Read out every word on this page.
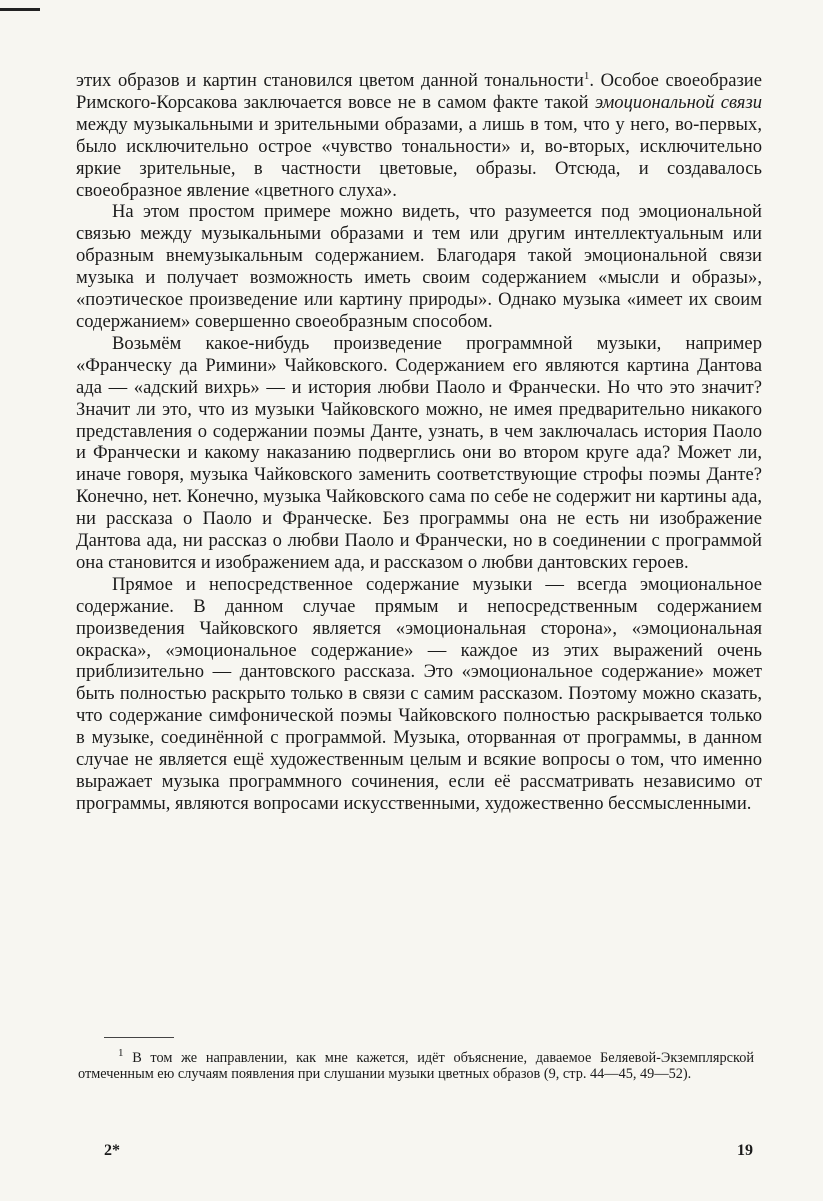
этих образов и картин становился цветом данной тональности$^1$. Особое своеобразие Римского-Корсакова заключается вовсе не в самом факте такой эмоциональной связи между музыкальными и зрительными образами, а лишь в том, что у него, во-первых, было исключительно острое «чувство тональности» и, во-вторых, исключительно яркие зрительные, в частности цветовые, образы. Отсюда, и создавалось своеобразное явление «цветного слуха».

На этом простом примере можно видеть, что разумеется под эмоциональной связью между музыкальными образами и тем или другим интеллектуальным или образным внемузыкальным содержанием. Благодаря такой эмоциональной связи музыка и получает возможность иметь своим содержанием «мысли и образы», «поэтическое произведение или картину природы». Однако музыка «имеет их своим содержанием» совершенно своеобразным способом.

Возьмём какое-нибудь произведение программной музыки, например «Франческу да Римини» Чайковского. Содержанием его являются картина Дантова ада — «адский вихрь» — и история любви Паоло и Франчески. Но что это значит? Значит ли это, что из музыки Чайковского можно, не имея предварительно никакого представления о содержании поэмы Данте, узнать, в чем заключалась история Паоло и Франчески и какому наказанию подверглись они во втором круге ада? Может ли, иначе говоря, музыка Чайковского заменить соответствующие строфы поэмы Данте? Конечно, нет. Конечно, музыка Чайковского сама по себе не содержит ни картины ада, ни рассказа о Паоло и Франческе. Без программы она не есть ни изображение Дантова ада, ни рассказ о любви Паоло и Франчески, но в соединении с программой она становится и изображением ада, и рассказом о любви дантовских героев.

Прямое и непосредственное содержание музыки — всегда эмоциональное содержание. В данном случае прямым и непосредственным содержанием произведения Чайковского является «эмоциональная сторона», «эмоциональная окраска», «эмоциональное содержание» — каждое из этих выражений очень приблизительно — дантовского рассказа. Это «эмоциональное содержание» может быть полностью раскрыто только в связи с самим рассказом. Поэтому можно сказать, что содержание симфонической поэмы Чайковского полностью раскрывается только в музыке, соединённой с программой. Музыка, оторванная от программы, в данном случае не является ещё художественным целым и всякие вопросы о том, что именно выражает музыка программного сочинения, если её рассматривать независимо от программы, являются вопросами искусственными, художественно бессмысленными.

$^1$ В том же направлении, как мне кажется, идёт объяснение, даваемое Беляевой-Экземплярской отмеченным ею случаям появления при слушании музыки цветных образов (9, стр. 44—45, 49—52).

2*	19
